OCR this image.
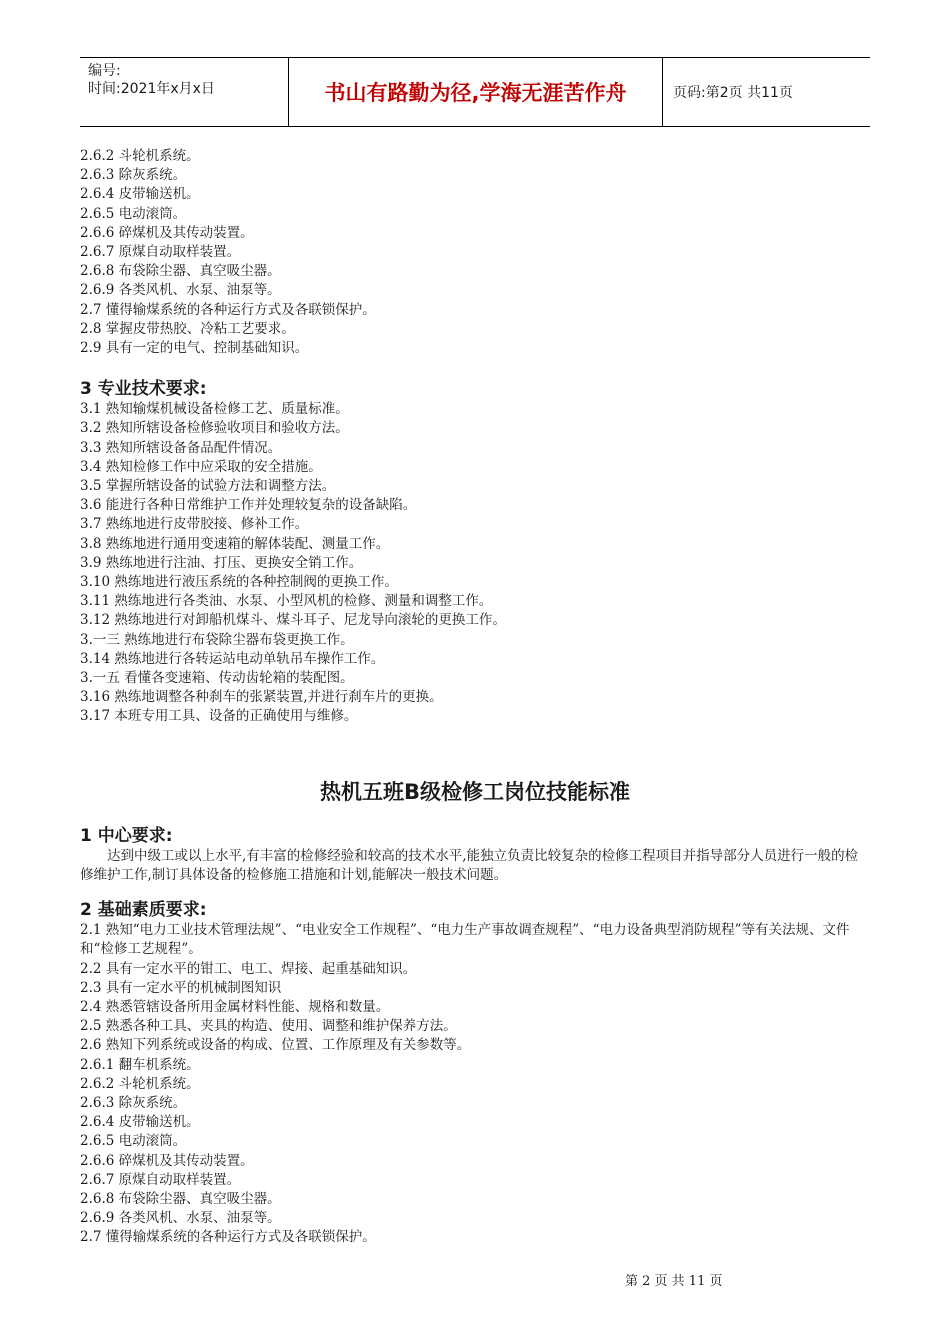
编号:
时间:2021年x月x日	书山有路勤为径,学海无涯苦作舟	页码:第2页 共11页
2.6.2 斗轮机系统。
2.6.3 除灰系统。
2.6.4 皮带输送机。
2.6.5 电动滚筒。
2.6.6 碎煤机及其传动装置。
2.6.7 原煤自动取样装置。
2.6.8 布袋除尘器、真空吸尘器。
2.6.9 各类风机、水泵、油泵等。
2.7 懂得输煤系统的各种运行方式及各联锁保护。
2.8 掌握皮带热胶、冷粘工艺要求。
2.9 具有一定的电气、控制基础知识。
3 专业技术要求:
3.1 熟知输煤机械设备检修工艺、质量标准。
3.2 熟知所辖设备检修验收项目和验收方法。
3.3 熟知所辖设备备品配件情况。
3.4 熟知检修工作中应采取的安全措施。
3.5 掌握所辖设备的试验方法和调整方法。
3.6 能进行各种日常维护工作并处理较复杂的设备缺陷。
3.7 熟练地进行皮带胶接、修补工作。
3.8 熟练地进行通用变速箱的解体装配、测量工作。
3.9 熟练地进行注油、打压、更换安全销工作。
3.10 熟练地进行液压系统的各种控制阀的更换工作。
3.11 熟练地进行各类油、水泵、小型风机的检修、测量和调整工作。
3.12 熟练地进行对卸船机煤斗、煤斗耳子、尼龙导向滚轮的更换工作。
3.一三 熟练地进行布袋除尘器布袋更换工作。
3.14 熟练地进行各转运站电动单轨吊车操作工作。
3.一五 看懂各变速箱、传动齿轮箱的装配图。
3.16 熟练地调整各种刹车的张紧装置,并进行刹车片的更换。
3.17 本班专用工具、设备的正确使用与维修。
热机五班B级检修工岗位技能标准
1 中心要求:
达到中级工或以上水平,有丰富的检修经验和较高的技术水平,能独立负责比较复杂的检修工程项目并指导部分人员进行一般的检修维护工作,制订具体设备的检修施工措施和计划,能解决一般技术问题。
2 基础素质要求:
2.1 熟知“电力工业技术管理法规”、“电业安全工作规程”、“电力生产事故调查规程”、“电力设备典型消防规程”等有关法规、文件和“检修工艺规程”。
2.2 具有一定水平的钳工、电工、焊接、起重基础知识。
2.3 具有一定水平的机械制图知识
2.4 熟悉管辖设备所用金属材料性能、规格和数量。
2.5 熟悉各种工具、夹具的构造、使用、调整和维护保养方法。
2.6 熟知下列系统或设备的构成、位置、工作原理及有关参数等。
2.6.1 翻车机系统。
2.6.2 斗轮机系统。
2.6.3 除灰系统。
2.6.4 皮带输送机。
2.6.5 电动滚筒。
2.6.6 碎煤机及其传动装置。
2.6.7 原煤自动取样装置。
2.6.8 布袋除尘器、真空吸尘器。
2.6.9 各类风机、水泵、油泵等。
2.7 懂得输煤系统的各种运行方式及各联锁保护。
第 2 页 共 11 页
